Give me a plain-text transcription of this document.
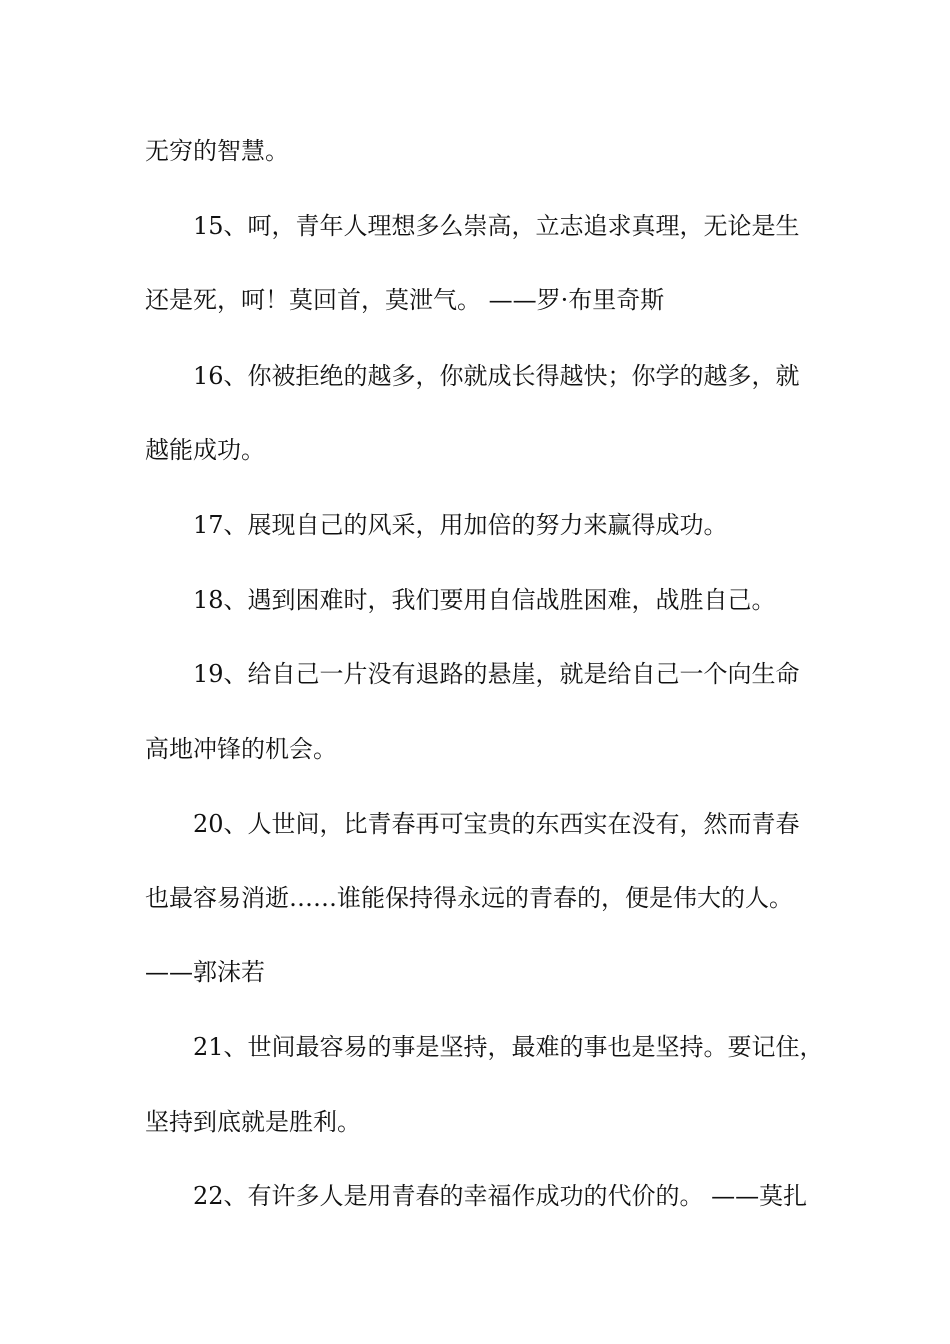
无穷的智慧。
15、呵，青年人理想多么崇高，立志追求真理，无论是生
还是死，呵！莫回首，莫泄气。 ——罗·布里奇斯
16、你被拒绝的越多，你就成长得越快；你学的越多，就
越能成功。
17、展现自己的风采，用加倍的努力来赢得成功。
18、遇到困难时，我们要用自信战胜困难，战胜自己。
19、给自己一片没有退路的悬崖，就是给自己一个向生命
高地冲锋的机会。
20、人世间，比青春再可宝贵的东西实在没有，然而青春
也最容易消逝……谁能保持得永远的青春的，便是伟大的人。
——郭沫若
21、世间最容易的事是坚持，最难的事也是坚持。要记住，
坚持到底就是胜利。
22、有许多人是用青春的幸福作成功的代价的。 ——莫扎
